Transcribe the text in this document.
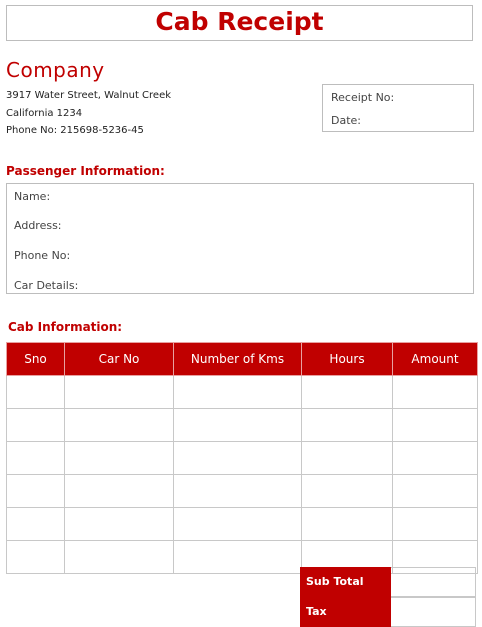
Cab Receipt
Company
3917 Water Street, Walnut Creek
California 1234
Phone No: 215698-5236-45
Receipt No:
Date:
Passenger Information:
Name:
Address:
Phone No:
Car Details:
Cab Information:
Sno	Car No	Number of Kms	Hours	Amount

Sub Total
Tax
